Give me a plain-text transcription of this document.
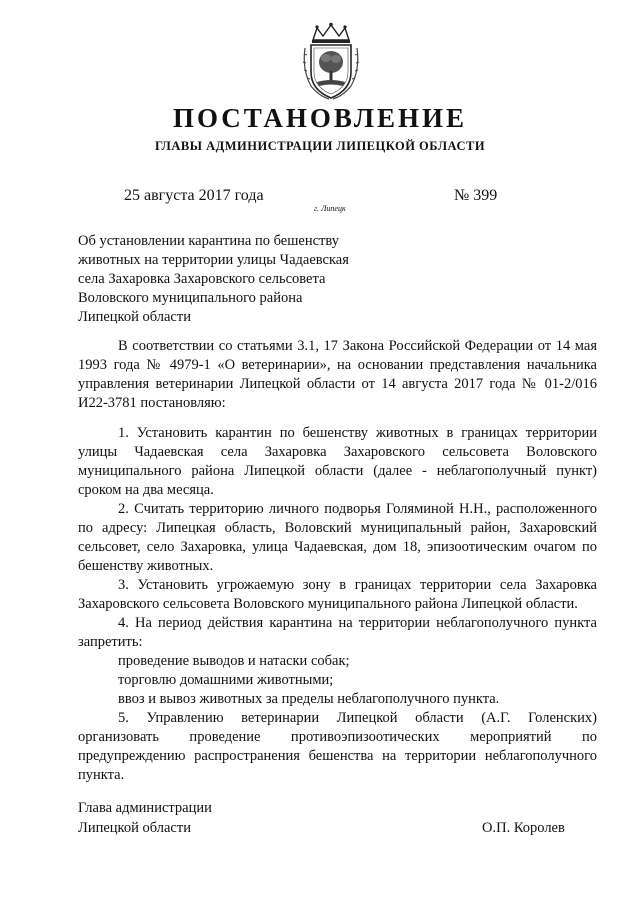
ПОСТАНОВЛЕНИЕ
ГЛАВЫ АДМИНИСТРАЦИИ ЛИПЕЦКОЙ ОБЛАСТИ
25 августа 2017 года
г. Липецк
№ 399
Об установлении карантина по бешенству
животных на территории улицы Чадаевская
села Захаровка Захаровского сельсовета
Воловского муниципального района
Липецкой области

В соответствии со статьями 3.1, 17 Закона Российской Федерации от 14 мая 1993 года № 4979-1 «О ветеринарии», на основании представления начальника управления ветеринарии Липецкой области от 14 августа 2017 года № 01-2/016 И22-3781 постановляю:

1. Установить карантин по бешенству животных в границах территории улицы Чадаевская села Захаровка Захаровского сельсовета Воловского муниципального района Липецкой области (далее - неблагополучный пункт) сроком на два месяца.

2. Считать территорию личного подворья Голяминой Н.Н., расположенного по адресу: Липецкая область, Воловский муниципальный район, Захаровский сельсовет, село Захаровка, улица Чадаевская, дом 18, эпизоотическим очагом по бешенству животных.

3. Установить угрожаемую зону в границах территории села Захаровка Захаровского сельсовета Воловского муниципального района Липецкой области.

4. На период действия карантина на территории неблагополучного пункта запретить:

проведение выводов и натаски собак;

торговлю домашними животными;

ввоз и вывоз животных за пределы неблагополучного пункта.

5. Управлению ветеринарии Липецкой области (А.Г. Голенских) организовать проведение противоэпизоотических мероприятий по предупреждению распространения бешенства на территории неблагополучного пункта.

Глава администрации
Липецкой области	О.П. Королев
